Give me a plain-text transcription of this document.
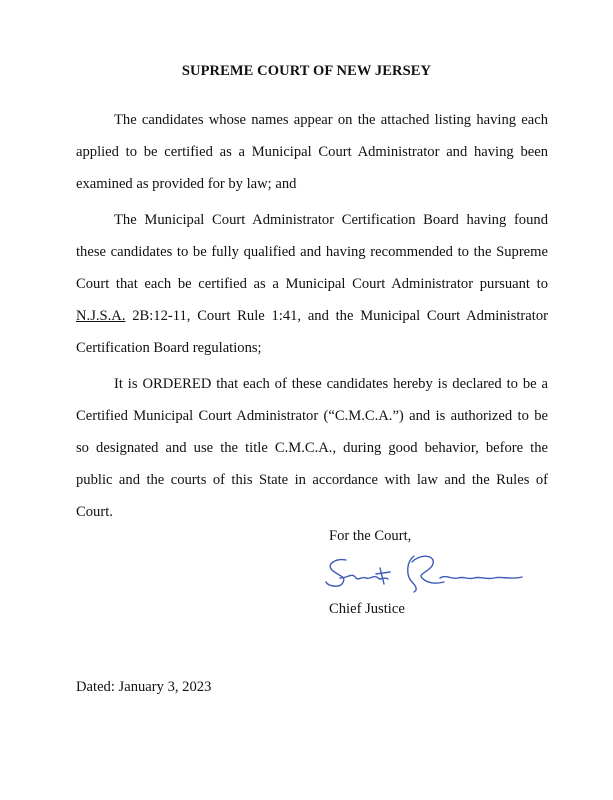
SUPREME COURT OF NEW JERSEY

The candidates whose names appear on the attached listing having each applied to be certified as a Municipal Court Administrator and having been examined as provided for by law; and

The Municipal Court Administrator Certification Board having found these candidates to be fully qualified and having recommended to the Supreme Court that each be certified as a Municipal Court Administrator pursuant to N.J.S.A. 2B:12-11, Court Rule 1:41, and the Municipal Court Administrator Certification Board regulations;

It is ORDERED that each of these candidates hereby is declared to be a Certified Municipal Court Administrator (“C.M.C.A.”) and is authorized to be so designated and use the title C.M.C.A., during good behavior, before the public and the courts of this State in accordance with law and the Rules of Court.

For the Court,
Chief Justice
Dated: January 3, 2023
